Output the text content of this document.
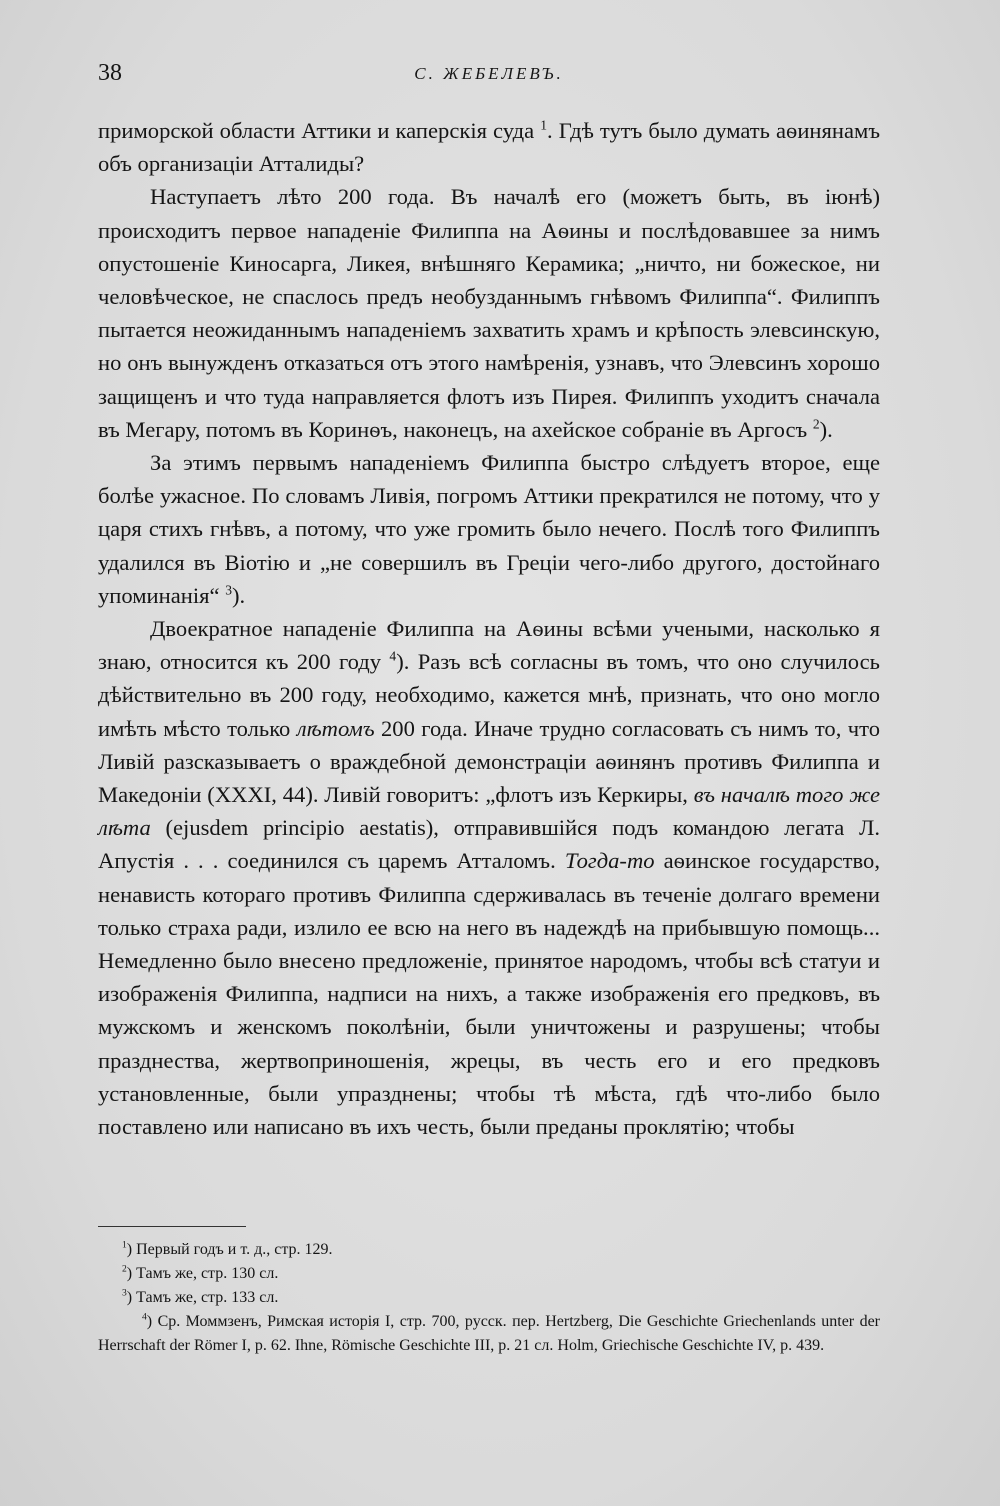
38	С. ЖЕБЕЛЕВЪ.

приморской области Аттики и каперскія суда $^1$. Гдѣ тутъ было думать аѳинянамъ объ организаціи Атталиды?

Наступаетъ лѣто 200 года. Въ началѣ его (можетъ быть, въ іюнѣ) происходитъ первое нападеніе Филиппа на Аѳины и послѣдовавшее за нимъ опустошеніе Киносарга, Ликея, внѣшняго Керамика; „ничто, ни божеское, ни человѣческое, не спаслось предъ необузданнымъ гнѣвомъ Филиппа“. Филиппъ пытается неожиданнымъ нападеніемъ захватить храмъ и крѣпость элевсинскую, но онъ вынужденъ отказаться отъ этого намѣренія, узнавъ, что Элевсинъ хорошо защищенъ и что туда направляется флотъ изъ Пирея. Филиппъ уходитъ сначала въ Мегару, потомъ въ Коринѳъ, наконецъ, на ахейское собраніе въ Аргосъ $^2$).

За этимъ первымъ нападеніемъ Филиппа быстро слѣдуетъ второе, еще болѣе ужасное. По словамъ Ливія, погромъ Аттики прекратился не потому, что у царя стихъ гнѣвъ, а потому, что уже громить было нечего. Послѣ того Филиппъ удалился въ Віотію и „не совершилъ въ Греціи чего-либо другого, достойнаго упоминанія“ $^3$).

Двоекратное нападеніе Филиппа на Аѳины всѣми учеными, насколько я знаю, относится къ 200 году $^4$). Разъ всѣ согласны въ томъ, что оно случилось дѣйствительно въ 200 году, необходимо, кажется мнѣ, признать, что оно могло имѣть мѣсто только лѣтомъ 200 года. Иначе трудно согласовать съ нимъ то, что Ливій разсказываетъ о враждебной демонстраціи аѳинянъ противъ Филиппа и Македоніи (XXXI, 44). Ливій говоритъ: „флотъ изъ Керкиры, въ началѣ того же лѣта (ejusdem principio aestatis), отправившійся подъ командою легата Л. Апустія . . . соединился съ царемъ Атталомъ. Тогда-то аѳинское государство, ненависть котораго противъ Филиппа сдерживалась въ теченіе долгаго времени только страха ради, излило ее всю на него въ надеждѣ на прибывшую помощь... Немедленно было внесено предложеніе, принятое народомъ, чтобы всѣ статуи и изображенія Филиппа, надписи на нихъ, а также изображенія его предковъ, въ мужскомъ и женскомъ поколѣніи, были уничтожены и разрушены; чтобы празднества, жертвоприношенія, жрецы, въ честь его и его предковъ установленные, были упразднены; чтобы тѣ мѣста, гдѣ что-либо было поставлено или написано въ ихъ честь, были преданы проклятію; чтобы

$^1$) Первый годъ и т. д., стр. 129.

$^2$) Тамъ же, стр. 130 сл.

$^3$) Тамъ же, стр. 133 сл.

$^4$) Ср. Моммзенъ, Римская исторія I, стр. 700, русск. пер. Hertzberg, Die Geschichte Griechenlands unter der Herrschaft der Römer I, p. 62. Ihne, Römische Geschichte III, p. 21 сл. Holm, Griechische Geschichte IV, p. 439.
